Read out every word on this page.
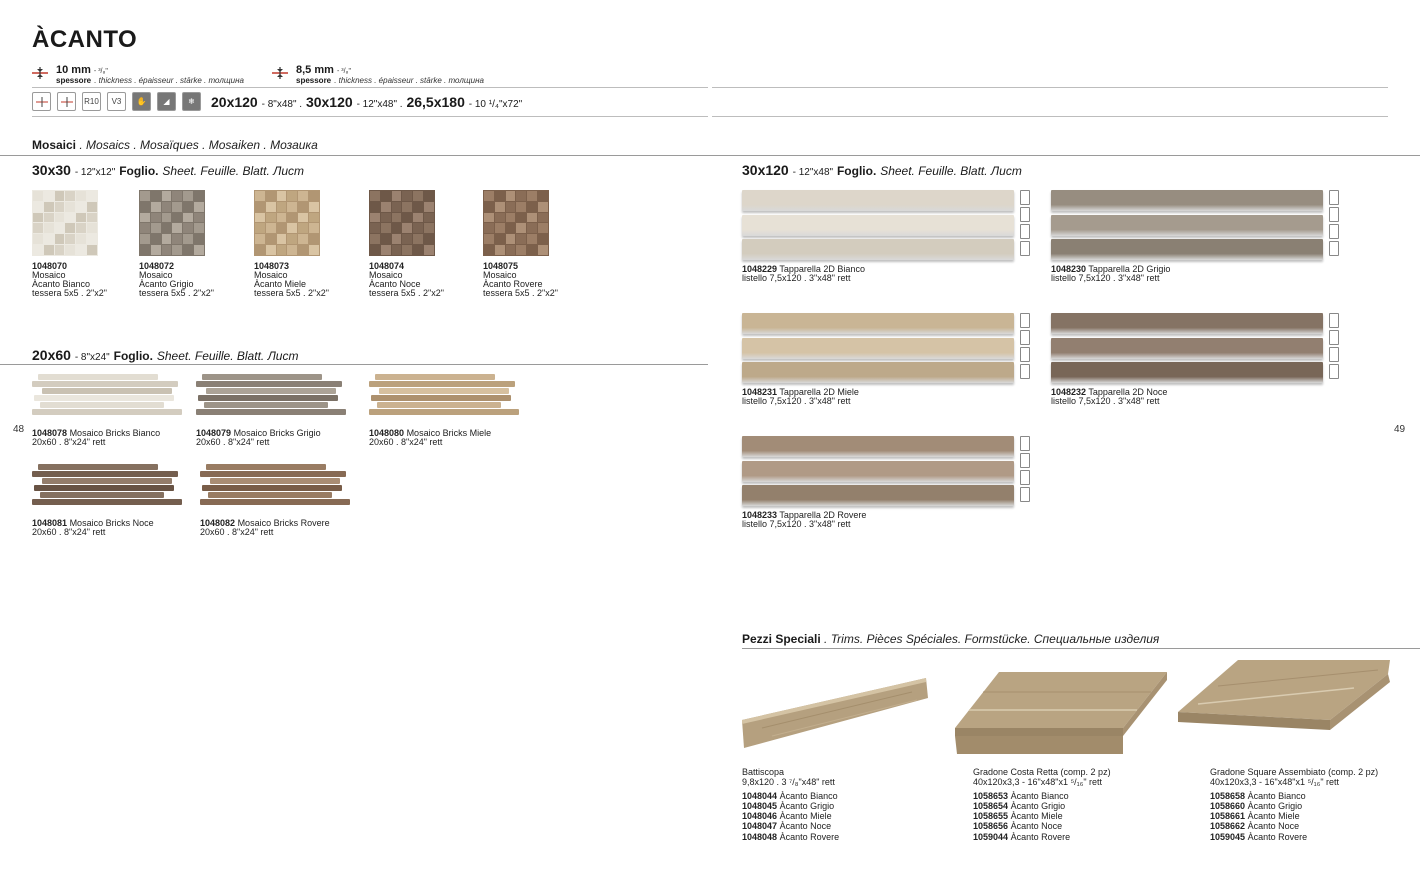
ÀCANTO
10 mm - ³/₈"
spessore . thickness . épaisseur . stärke . толщина
8,5 mm - ³/₈"
spessore . thickness . épaisseur . stärke . толщина
R10	V3	✋	◢	❄	20x120 - 8"x48" . 30x120 - 12"x48" . 26,5x180 - 10 ¹/₄"x72"
Mosaici . Mosaics . Mosaïques . Mosaiken . Мозаика
30x30 - 12"x12" Foglio. Sheet. Feuille. Blatt. Лист
1048070
Mosaico
Àcanto Bianco
tessera 5x5 . 2"x2"
1048072
Mosaico
Àcanto Grigio
tessera 5x5 . 2"x2"
1048073
Mosaico
Àcanto Miele
tessera 5x5 . 2"x2"
1048074
Mosaico
Àcanto Noce
tessera 5x5 . 2"x2"
1048075
Mosaico
Àcanto Rovere
tessera 5x5 . 2"x2"
20x60 - 8"x24" Foglio. Sheet. Feuille. Blatt. Лист
1048078 Mosaico Bricks Bianco
20x60 . 8"x24" rett
1048079 Mosaico Bricks Grigio
20x60 . 8"x24" rett
1048080 Mosaico Bricks Miele
20x60 . 8"x24" rett
1048081 Mosaico Bricks Noce
20x60 . 8"x24" rett
1048082 Mosaico Bricks Rovere
20x60 . 8"x24" rett
48	49
30x120 - 12"x48" Foglio. Sheet. Feuille. Blatt. Лист
1048229 Tapparella 2D Bianco
listello 7,5x120 . 3"x48" rett
1048230 Tapparella 2D Grigio
listello 7,5x120 . 3"x48" rett
1048231 Tapparella 2D Miele
listello 7,5x120 . 3"x48" rett
1048232 Tapparella 2D Noce
listello 7,5x120 . 3"x48" rett
1048233 Tapparella 2D Rovere
listello 7,5x120 . 3"x48" rett
Pezzi Speciali . Trims. Pièces Spéciales. Formstücke. Специальные изделия
Battiscopa
9,8x120 . 3 ⁷/₈"x48" rett

1048044 Àcanto Bianco
1048045 Àcanto Grigio
1048046 Àcanto Miele
1048047 Àcanto Noce
1048048 Àcanto Rovere
Gradone Costa Retta (comp. 2 pz)
40x120x3,3 - 16"x48"x1 ⁵/₁₆" rett

1058653 Àcanto Bianco
1058654 Àcanto Grigio
1058655 Àcanto Miele
1058656 Àcanto Noce
1059044 Àcanto Rovere
Gradone Square Assembiato (comp. 2 pz)
40x120x3,3 - 16"x48"x1 ⁵/₁₆" rett

1058658 Àcanto Bianco
1058660 Àcanto Grigio
1058661 Àcanto Miele
1058662 Àcanto Noce
1059045 Àcanto Rovere
